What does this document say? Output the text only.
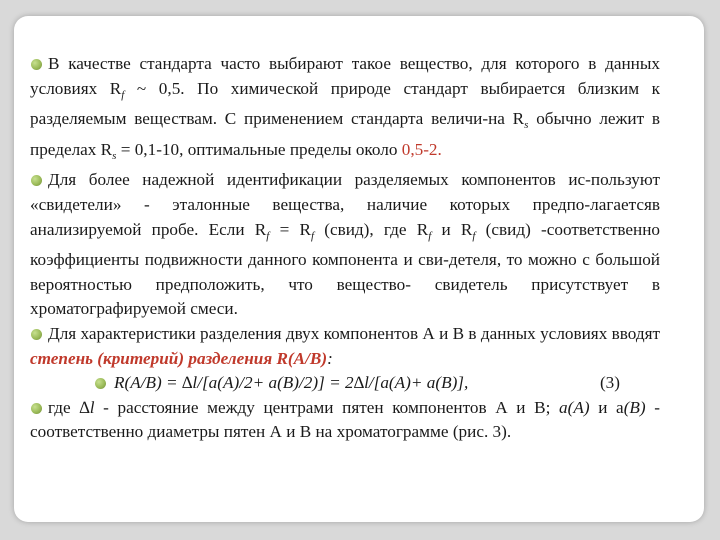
В качестве стандарта часто выбирают такое вещество, для которого в данных условиях $R_f$ ~ 0,5. По химической природе стандарт выбирается близким к разделяемым веществам. С применением стандарта величи-на $R_s$ обычно лежит в пределах $R_s = 0,1-10$, оптимальные пределы около 0,5-2.

Для более надежной идентификации разделяемых компонентов ис-пользуют «свидетели» - эталонные вещества, наличие которых предпо-лагаетсяв анализируемой пробе. Если $R_f = R_f$ (свид), где $R_f$ и $R_f$ (свид) -соответственно коэффициенты подвижности данного компонента и сви-детеля, то можно с большой вероятностью предположить, что вещество- свидетель присутствует в хроматографируемой смеси.

Для характеристики разделения двух компонентов А и В в данных условиях вводят степень (критерий) разделения R(A/B):

R(A/B) = ∆l/[a(A)/2+ a(B)/2)] = 2∆l/[a(A)+ a(B)],	(3)

где ∆l - расстояние между центрами пятен компонентов А и В; a(A) и a(B) - соответственно диаметры пятен А и В на хроматограмме (рис. 3).
